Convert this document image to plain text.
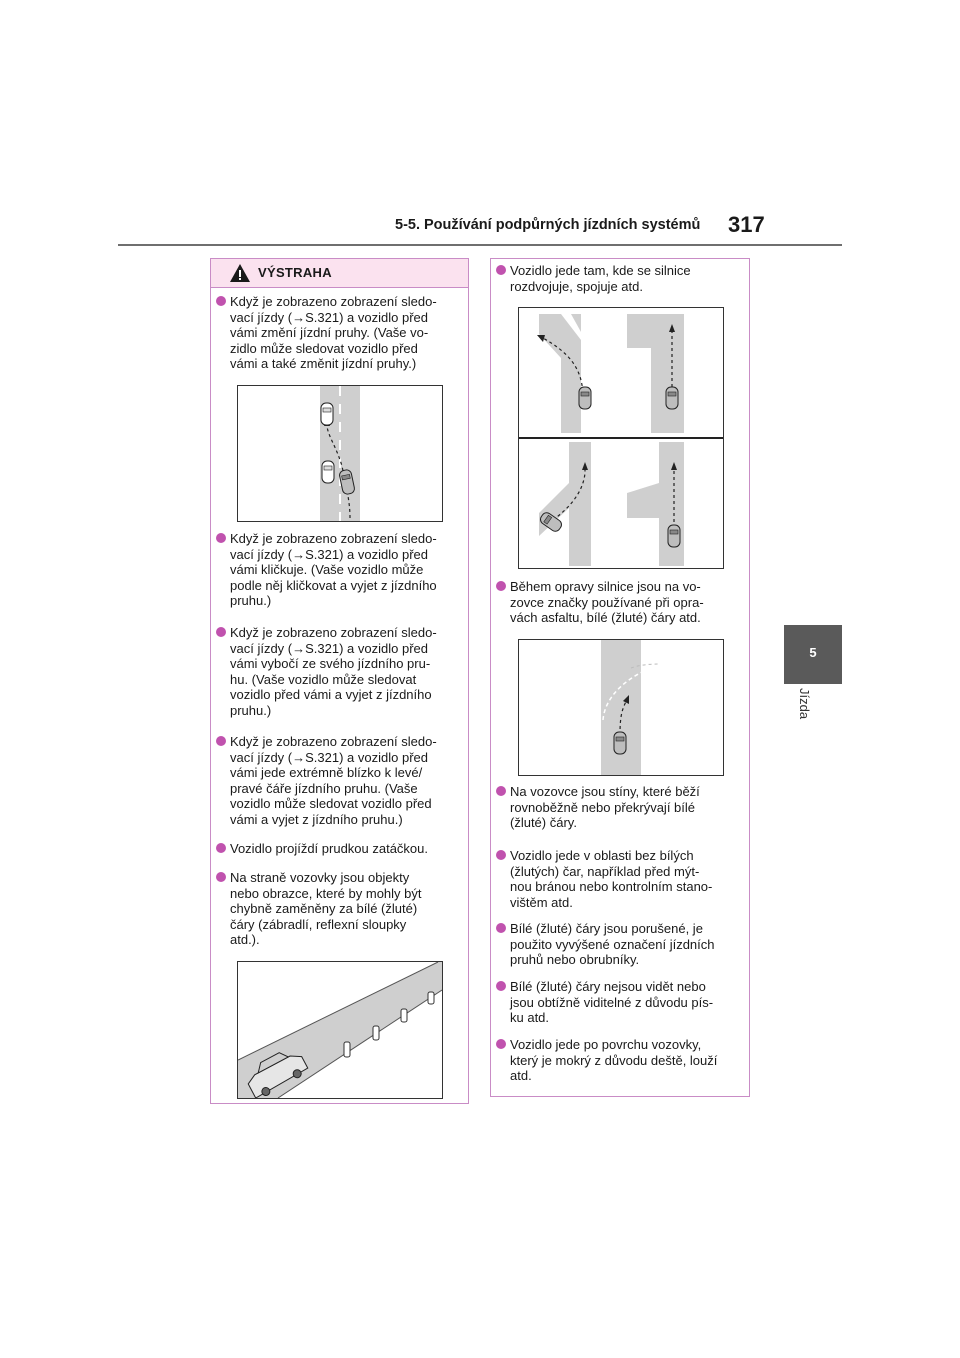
5-5. Používání podpůrných jízdních systémů 317
5
Jízda
VÝSTRAHA
Když je zobrazeno zobrazení sledo-
vací jízdy (→S.321) a vozidlo před
vámi změní jízdní pruhy. (Vaše vo-
zidlo může sledovat vozidlo před
vámi a také změnit jízdní pruhy.)
Když je zobrazeno zobrazení sledo-
vací jízdy (→S.321) a vozidlo před
vámi kličkuje. (Vaše vozidlo může
podle něj kličkovat a vyjet z jízdního
pruhu.)
Když je zobrazeno zobrazení sledo-
vací jízdy (→S.321) a vozidlo před
vámi vybočí ze svého jízdního pru-
hu. (Vaše vozidlo může sledovat
vozidlo před vámi a vyjet z jízdního
pruhu.)
Když je zobrazeno zobrazení sledo-
vací jízdy (→S.321) a vozidlo před
vámi jede extrémně blízko k levé/
pravé čáře jízdního pruhu. (Vaše
vozidlo může sledovat vozidlo před
vámi a vyjet z jízdního pruhu.)
Vozidlo projíždí prudkou zatáčkou.
Na straně vozovky jsou objekty
nebo obrazce, které by mohly být
chybně zaměněny za bílé (žluté)
čáry (zábradlí, reflexní sloupky
atd.).
Vozidlo jede tam, kde se silnice
rozdvojuje, spojuje atd.
Během opravy silnice jsou na vo-
zovce značky používané při opra-
vách asfaltu, bílé (žluté) čáry atd.
Na vozovce jsou stíny, které běží
rovnoběžně nebo překrývají bílé
(žluté) čáry.
Vozidlo jede v oblasti bez bílých
(žlutých) čar, například před mýt-
nou bránou nebo kontrolním stano-
vištěm atd.
Bílé (žluté) čáry jsou porušené, je
použito vyvýšené označení jízdních
pruhů nebo obrubníky.
Bílé (žluté) čáry nejsou vidět nebo
jsou obtížně viditelné z důvodu pís-
ku atd.
Vozidlo jede po povrchu vozovky,
který je mokrý z důvodu deště, louží
atd.
